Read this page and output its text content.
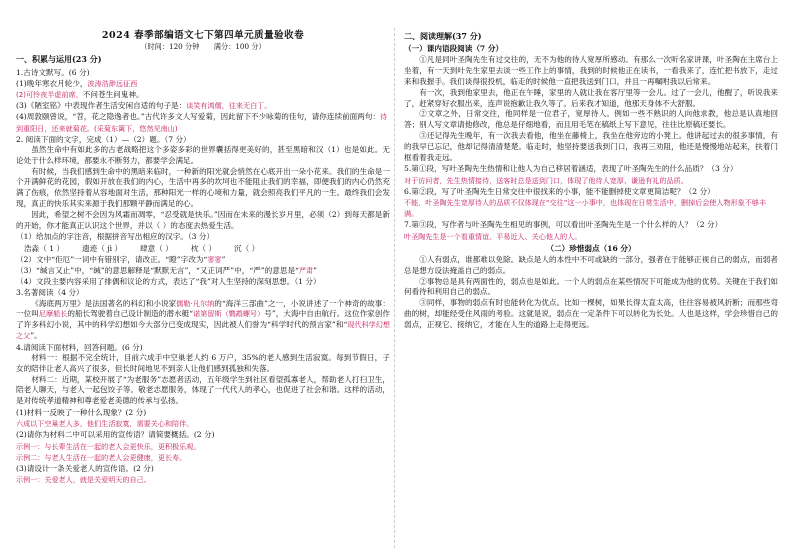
2024 春季部编语文七下第四单元质量验收卷
（时间：120 分钟　　满分：100 分）
一、积累与运用(23 分)

1.古诗文默写。(6 分)

(1)晚年寒衣月轮少，波涛浩渺远征西

(2)可怜夜半虚前席，不问苍生问鬼神。

(3)《陋室铭》中表现作者生活安闲自适的句子是：谈笑有鸿儒，往来无白丁。

(4)周敦颐曾说，“苕，花之隐逸者也。”古代许多文人写爱菊，因此留下不少咏菊的佳句，请你连续前面两句：待到重阳日，还来就菊花。(采菊东篱下，悠然见南山)

2. 阅读下面的文字，完成（1）—（2）题。（7 分）

虽然生命中有如此多的古老战略把这个多姿多彩的世界囊括得更美好的，甚至黑暗和汉（1）也是如此。无论处于什么样环境，都要永不断努力，都要学会满足。

有时候，当我们感到生命中的黑暗来临时，一种新的阳光就会悄然在心底开出一朵小花来。我们的生命是一个开满鲜花的花园，假如开放在我们的内心，生活中再多的坎坷也不能阻止我们的幸福，即便我们的内心仍然充满了伤痕，依然坚持着从容地面对生活，那种阳光一样的心境和力量，就会照亮我们平凡的一生。最终我们会发现，真正的快乐其实来源于我们那颗平静而满足的心。

因此，希望之树不会因为风霜而凋零，“忍受就是快乐。”因而在未来的漫长岁月里，必须（2）到每天都是新的开始，你才能真正认识这个世界，并以（ ）的态度去热爱生活。

（1）给加点的字注音，根据拼音写出相应的汉字。（3 分）

浩淼（ 1 ） 遗迹（ jì ） 肆意（ ） 枕（ ） 沉（ ）

（2）文中“佢厄”一词中有错别字，请改正。“瞪”字改为“寥寥”

（3）“缄言又止”中，“缄”的意思解释是“默默无言”，“又正词严”中，“严”的意思是“严肃”

（4）文段主要内容采用了排偶和议论的方式，表达了“我”对人生坚持的深刻思想。（1 分）

3.名著阅读（4 分）

《海底两万里》是法国著名的科幻和小说家儒勒·凡尔纳的“海洋三部曲”之一，小说讲述了一个神奇的故事：一位叫尼摩船长的船长驾驶着自己设计制造的潜水艇“诺第留斯（鹦鹉螺号）号”，大海中自由航行。这位作家创作了许多科幻小说，其中的科学幻想如今大部分已变成现实，因此被人们誉为“科学时代的预言家”和“现代科学幻想之父”。

4.请阅读下面材料，回答问题。(6 分)

材料一：根据不完全统计，目前六成手中空巢老人约 6 万户，35%的老人感到生活寂寞。每到节假日，子女的陪伴让老人高兴了很多，但长时间地见不到亲人让他们感到孤独和失落。

材料二：近期，某校开展了“为老服务”志愿者活动，五年级学生到社区看望孤寡老人，帮助老人打扫卫生，陪老人聊天，与老人一起包饺子等。敬老志愿服务，体现了一代代人的孝心，也促进了社会和谐。这样的活动，是对传统孝道精神和尊老爱老美德的传承与弘扬。

(1)材料一反映了一种什么现象？(2 分)

六成以下空巢老人多，他们生活寂寞，需要关心和陪伴。

(2)请你为材料二中可以采用的宣传语？请简要概括。(2 分)

示例一：与长辈生活在一起的老人会更快乐，更积极乐观。

示例二：与老人生活在一起的老人会更健康，更长寿。

(3)请设计一条关爱老人的宣传语。(2 分)

示例一：关爱老人，就是关爱明天的自己。

二、阅读理解(37 分)
（一）课内语段阅读（7 分）

①凡是同叶圣陶先生有过交往的，无不为他的待人宽厚所感动。有那么一次听名家讲课，叶圣陶在主席台上坐着，有一天到叶先生家里去谈一些工作上的事情，我到的时候他正在读书，一看我来了，连忙把书放下，走过来和我握手。我们谈得很投机，临走的时候他一直把我送到门口，并且一再嘱咐我以后常来。

有一次，我到他家里去，他正在午睡，家里的人就让我在客厅里等一会儿。过了一会儿，他醒了，听说我来了，赶紧穿好衣服出来，连声说抱歉让我久等了。后来我才知道，他那天身体不大舒服。

②文章之外，日常交往，他同样是一位君子，宽厚待人。例如一些不熟识的人向他求教，他总是认真地回答；别人写文章请他修改，他总是仔细地看，而且用毛笔在稿纸上写下意见，往往比原稿还要长。

③还记得先生晚年，有一次我去看他，他坐在藤椅上，我坐在他旁边的小凳上。他讲起过去的很多事情，有的我早已忘记，他却记得清清楚楚。临走时，他坚持要送我到门口，我再三劝阻，他还是慢慢地站起来，扶着门框看着我走远。

5.第①段，写叶圣陶先生热情和让他人为自己移居着涵适，表现了叶圣陶先生的什么品质？（3 分）

对于访问者，先生热情接待，送客时总是送到门口，体现了他待人宽厚、谦逊有礼的品质。

6.第②段，写了叶圣陶先生日常交往中很找来的小事，能不能删掉使文章更简洁呢？（2 分）

不能，叶圣陶先生宽厚待人的品质不仅体现在“交往”这一小事中，也体现在日常生活中，删掉后会使人物形象不够丰满。

7.第③段，写作者与叶圣陶先生相见的事例，可以看出叶圣陶先生是一个什么样的人？（2 分）

叶圣陶先生是一个看重情谊、平易近人、关心他人的人。

（二）珍惜弱点（16 分）

①人有弱点，谁都难以免除。缺点是人的本性中不可或缺的一部分，强者在于能够正视自己的弱点，而弱者总是想方设法掩盖自己的弱点。

②事物总是具有两面性的，弱点也是如此。一个人的弱点在某些情况下可能成为他的优势。关键在于我们如何看待和利用自己的弱点。

③同样，事物的弱点有时也能转化为优点。比如一棵树，如果长得太直太高，往往容易被风折断；而那些弯曲的树，却能经受住风雨的考验。这就是说，弱点在一定条件下可以转化为长处。人也是这样，学会珍惜自己的弱点，正视它、接纳它，才能在人生的道路上走得更远。
